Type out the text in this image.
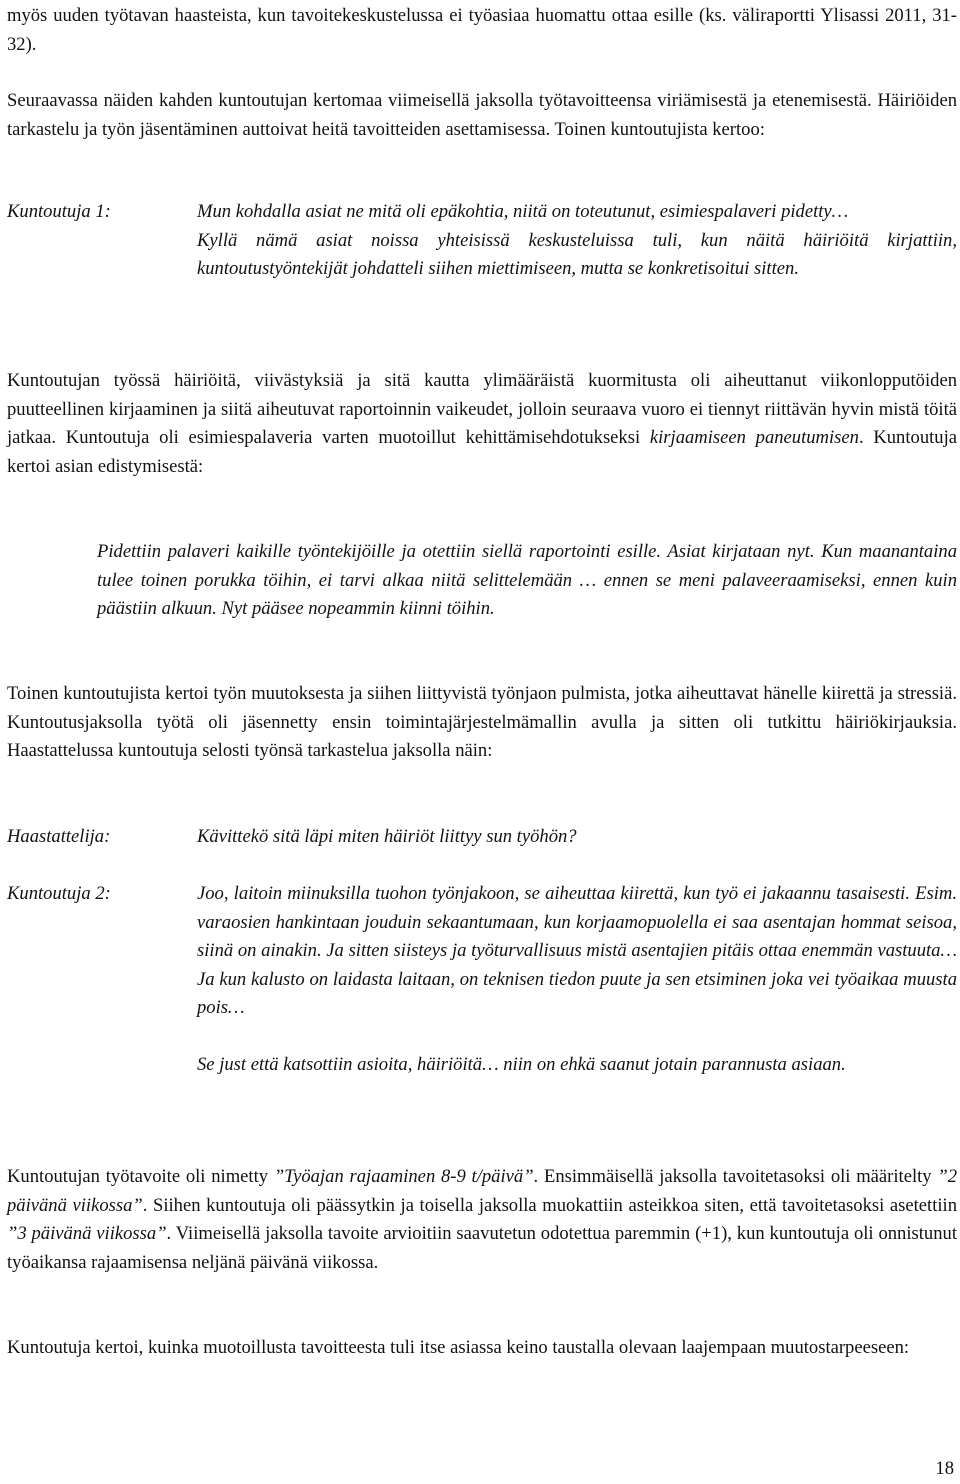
myös uuden työtavan haasteista, kun tavoitekeskustelussa ei työasiaa huomattu ottaa esille (ks. väliraportti Ylisassi 2011, 31-32).

Seuraavassa näiden kahden kuntoutujan kertomaa viimeisellä jaksolla työtavoitteensa viriämisestä ja etenemisestä. Häiriöiden tarkastelu ja työn jäsentäminen auttoivat heitä tavoitteiden asettamisessa. Toinen kuntoutujista kertoo:

Kuntoutuja 1:	Mun kohdalla asiat ne mitä oli epäkohtia, niitä on toteutunut, esimiespalaveri pidetty…

Kyllä nämä asiat noissa yhteisissä keskusteluissa tuli, kun näitä häiriöitä kirjattiin, kuntoutustyöntekijät johdatteli siihen miettimiseen, mutta se konkretisoitui sitten.

Kuntoutujan työssä häiriöitä, viivästyksiä ja sitä kautta ylimääräistä kuormitusta oli aiheuttanut viikonlopputöiden puutteellinen kirjaaminen ja siitä aiheutuvat raportoinnin vaikeudet, jolloin seuraava vuoro ei tiennyt riittävän hyvin mistä töitä jatkaa. Kuntoutuja oli esimiespalaveria varten muotoillut kehittämisehdotukseksi kirjaamiseen paneutumisen. Kuntoutuja kertoi asian edistymisestä:

Pidettiin palaveri kaikille työntekijöille ja otettiin siellä raportointi esille. Asiat kirjataan nyt. Kun maanantaina tulee toinen porukka töihin, ei tarvi alkaa niitä selittelemään … ennen se meni palaveeraamiseksi, ennen kuin päästiin alkuun. Nyt pääsee nopeammin kiinni töihin.

Toinen kuntoutujista kertoi työn muutoksesta ja siihen liittyvistä työnjaon pulmista, jotka aiheuttavat hänelle kiirettä ja stressiä. Kuntoutusjaksolla työtä oli jäsennetty ensin toimintajärjestelmämallin avulla ja sitten oli tutkittu häiriökirjauksia. Haastattelussa kuntoutuja selosti työnsä tarkastelua jaksolla näin:

Haastattelija:	Kävittekö sitä läpi miten häiriöt liittyy sun työhön?

Kuntoutuja 2:	Joo, laitoin miinuksilla tuohon työnjakoon, se aiheuttaa kiirettä, kun työ ei jakaannu tasaisesti. Esim. varaosien hankintaan jouduin sekaantumaan, kun korjaamopuolella ei saa asentajan hommat seisoa, siinä on ainakin. Ja sitten siisteys ja työturvallisuus mistä asentajien pitäis ottaa enemmän vastuuta… Ja kun kalusto on laidasta laitaan, on teknisen tiedon puute ja sen etsiminen joka vei työaikaa muusta pois…

Se just että katsottiin asioita, häiriöitä… niin on ehkä saanut jotain parannusta asiaan.

Kuntoutujan työtavoite oli nimetty ”Työajan rajaaminen 8-9 t/päivä”. Ensimmäisellä jaksolla tavoitetasoksi oli määritelty ”2 päivänä viikossa”. Siihen kuntoutuja oli päässytkin ja toisella jaksolla muokattiin asteikkoa siten, että tavoitetasoksi asetettiin ”3 päivänä viikossa”. Viimeisellä jaksolla tavoite arvioitiin saavutetun odotettua paremmin (+1), kun kuntoutuja oli onnistunut työaikansa rajaamisensa neljänä päivänä viikossa.

Kuntoutuja kertoi, kuinka muotoillusta tavoitteesta tuli itse asiassa keino taustalla olevaan laajempaan muutostarpeeseen:

18
